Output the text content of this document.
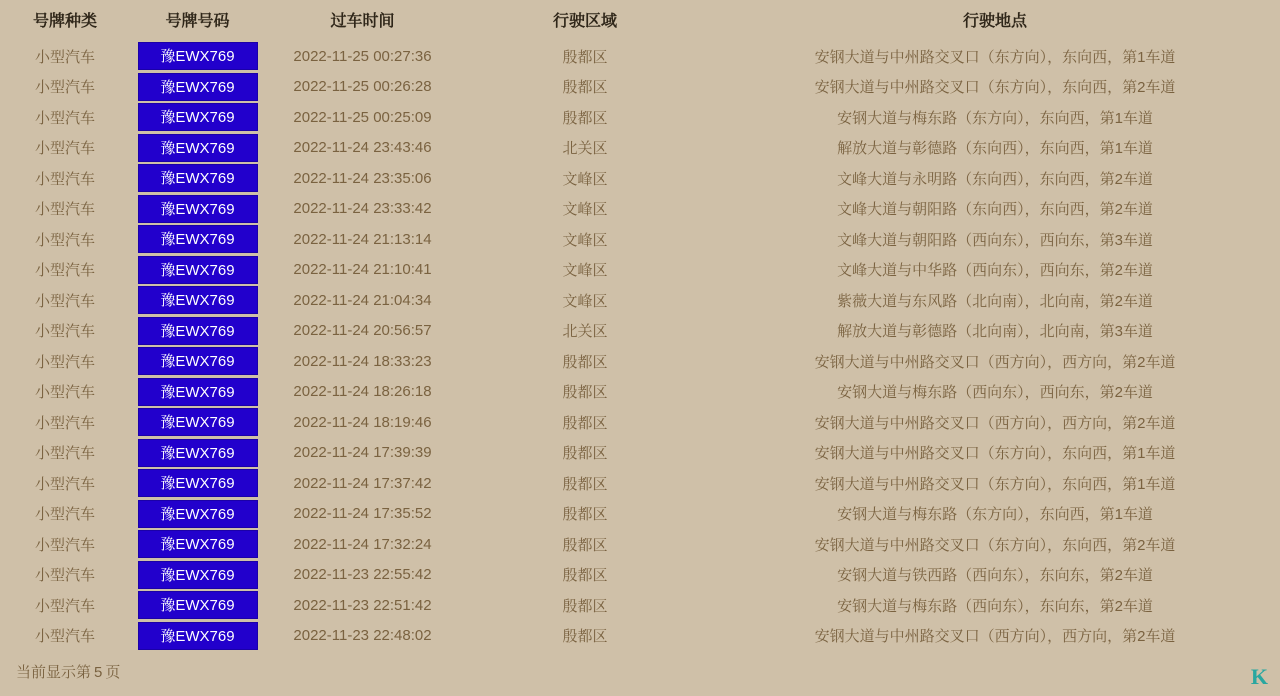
号牌种类	号牌号码	过车时间	行驶区域	行驶地点
小型汽车	豫EWX769	2022-11-25 00:27:36	殷都区	安钢大道与中州路交叉口（东方向），东向西，第1车道
小型汽车	豫EWX769	2022-11-25 00:26:28	殷都区	安钢大道与中州路交叉口（东方向），东向西，第2车道
小型汽车	豫EWX769	2022-11-25 00:25:09	殷都区	安钢大道与梅东路（东方向），东向西，第1车道
小型汽车	豫EWX769	2022-11-24 23:43:46	北关区	解放大道与彰德路（东向西），东向西，第1车道
小型汽车	豫EWX769	2022-11-24 23:35:06	文峰区	文峰大道与永明路（东向西），东向西，第2车道
小型汽车	豫EWX769	2022-11-24 23:33:42	文峰区	文峰大道与朝阳路（东向西），东向西，第2车道
小型汽车	豫EWX769	2022-11-24 21:13:14	文峰区	文峰大道与朝阳路（西向东），西向东，第3车道
小型汽车	豫EWX769	2022-11-24 21:10:41	文峰区	文峰大道与中华路（西向东），西向东，第2车道
小型汽车	豫EWX769	2022-11-24 21:04:34	文峰区	紫薇大道与东风路（北向南），北向南，第2车道
小型汽车	豫EWX769	2022-11-24 20:56:57	北关区	解放大道与彰德路（北向南），北向南，第3车道
小型汽车	豫EWX769	2022-11-24 18:33:23	殷都区	安钢大道与中州路交叉口（西方向），西方向，第2车道
小型汽车	豫EWX769	2022-11-24 18:26:18	殷都区	安钢大道与梅东路（西向东），西向东，第2车道
小型汽车	豫EWX769	2022-11-24 18:19:46	殷都区	安钢大道与中州路交叉口（西方向），西方向，第2车道
小型汽车	豫EWX769	2022-11-24 17:39:39	殷都区	安钢大道与中州路交叉口（东方向），东向西，第1车道
小型汽车	豫EWX769	2022-11-24 17:37:42	殷都区	安钢大道与中州路交叉口（东方向），东向西，第1车道
小型汽车	豫EWX769	2022-11-24 17:35:52	殷都区	安钢大道与梅东路（东方向），东向西，第1车道
小型汽车	豫EWX769	2022-11-24 17:32:24	殷都区	安钢大道与中州路交叉口（东方向），东向西，第2车道
小型汽车	豫EWX769	2022-11-23 22:55:42	殷都区	安钢大道与铁西路（西向东），东向东，第2车道
小型汽车	豫EWX769	2022-11-23 22:51:42	殷都区	安钢大道与梅东路（西向东），东向东，第2车道
小型汽车	豫EWX769	2022-11-23 22:48:02	殷都区	安钢大道与中州路交叉口（西方向），西方向，第2车道
当前显示第 5 页	K
